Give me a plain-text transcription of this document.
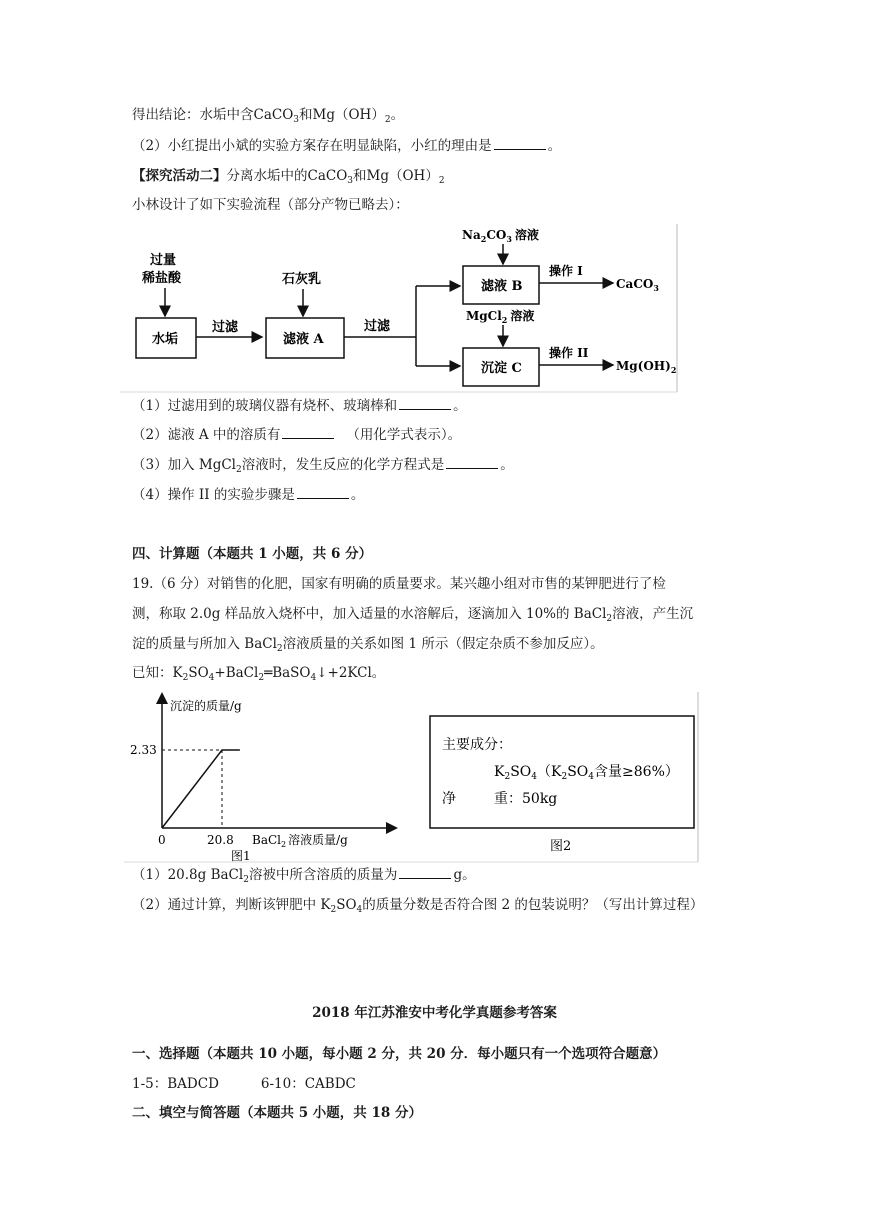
得出结论：水垢中含CaCO$_3$和$Mg(OH)_2$。
（2）小红提出小斌的实验方案存在明显缺陷，小红的理由是	。
【探究活动二】分离水垢中的CaCO$_3$和$Mg(OH)_2$
小林设计了如下实验流程（部分产物已略去）：
过量
稀盐酸
水垢
过滤
石灰乳
滤液 A
过滤
$Na_2CO_3$ 溶液
滤液 B
操作 I
CaCO$_3$
MgCl$_2$ 溶液
沉淀 C
操作 II
$Mg(OH)_2$
（1）过滤用到的玻璃仪器有烧杯、玻璃棒和	。
（2）滤液 A 中的溶质有	（用化学式表示）。
（3）加入 MgCl$_2$溶液时，发生反应的化学方程式是	。
（4）操作 II 的实验步骤是	。
四、计算题（本题共 1 小题，共 6 分）
19.（6 分）对销售的化肥，国家有明确的质量要求。某兴趣小组对市售的某钾肥进行了检
测，称取 2.0g 样品放入烧杯中，加入适量的水溶解后，逐滴加入 10%的 BaCl$_2$溶液，产生沉
淀的质量与所加入 BaCl$_2$溶液质量的关系如图 1 所示（假定杂质不参加反应）。
已知：$K_2SO_4+BaCl_2═BaSO_4↓+2KCl$。
沉淀的质量/g
2.33
0	20.8 BaCl$_2$ 溶液质量/g
图1
主要成分：
$K_2SO_4(K_2SO_4$含量≥86%）
净	重：50kg
图2
（1）20.8g BaCl$_2$溶被中所含溶质的质量为	g。
（2）通过计算，判断该钾肥中 $K_2SO_4$的质量分数是否符合图 2 的包装说明？（写出计算过程）
2018 年江苏淮安中考化学真题参考答案
一、选择题（本题共 10 小题，每小题 2 分，共 20 分．每小题只有一个选项符合题意）
1-5：BADCD	6-10：CABDC
二、填空与简答题（本题共 5 小题，共 18 分）
